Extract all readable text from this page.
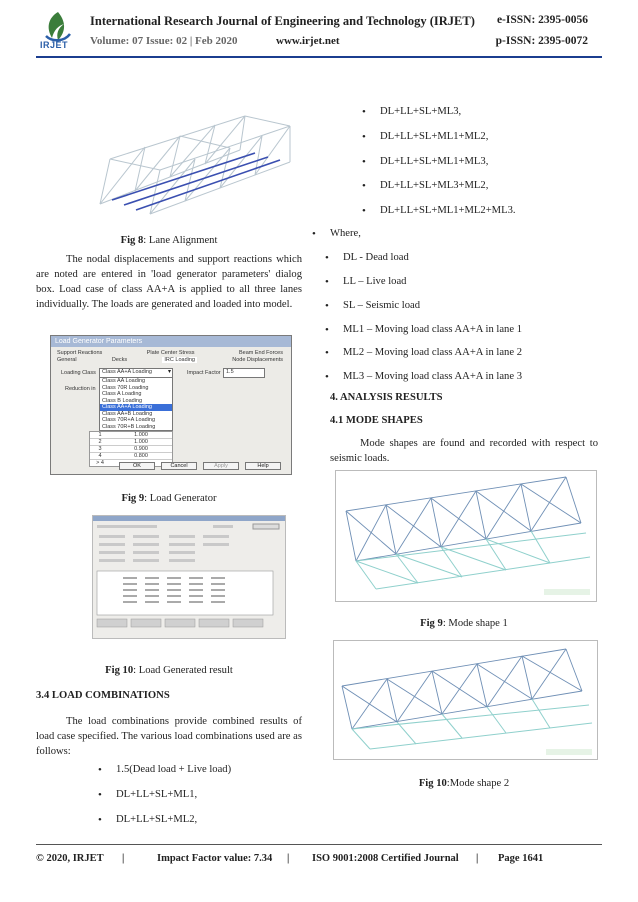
IRJET
International Research Journal of Engineering and Technology (IRJET) e-ISSN: 2395-0056
Volume: 07 Issue: 02 | Feb 2020	www.irjet.net	p-ISSN: 2395-0072
Fig 8: Lane Alignment
The nodal displacements and support reactions which are noted are entered in 'load generator parameters' dialog box. Load case of class AA+A is applied to all three lanes individually. The loads are generated and loaded into model.
Load Generator Parameters
Support Reactions	Plate Center Stress	Beam End Forces
General	Decks	IRC Loading	Node Displacements
Loading Class Class AA+A Loading	▾	Impact Factor 1.5
Reduction in
Class AA Loading
Class 70R Loading
Class A Loading
Class B Loading
Class AA+A Loading
Class AA+B Loading
Class 70R+A Loading
Class 70R+B Loading
1	1.000
2	1.000
3	0.900
4	0.800
> 4	OK	Cancel	Apply	Help
Fig 9: Load Generator
Fig 10: Load Generated result
3.4 LOAD COMBINATIONS
The load combinations provide combined results of load case specified. The various load combinations used are as follows:
• 1.5(Dead load + Live load)
• DL+LL+SL+ML1,
• DL+LL+SL+ML2,
• DL+LL+SL+ML3,
• DL+LL+SL+ML1+ML2,
• DL+LL+SL+ML1+ML3,
• DL+LL+SL+ML3+ML2,
• DL+LL+SL+ML1+ML2+ML3.
• Where,
• DL - Dead load
• LL – Live load
• SL – Seismic load
• ML1 – Moving load class AA+A in lane 1
• ML2 – Moving load class AA+A in lane 2
• ML3 – Moving load class AA+A in lane 3
4. ANALYSIS RESULTS
4.1 MODE SHAPES
Mode shapes are found and recorded with respect to seismic loads.
Fig 9: Mode shape 1
Fig 10:Mode shape 2
© 2020, IRJET |	Impact Factor value: 7.34 | ISO 9001:2008 Certified Journal | Page 1641
